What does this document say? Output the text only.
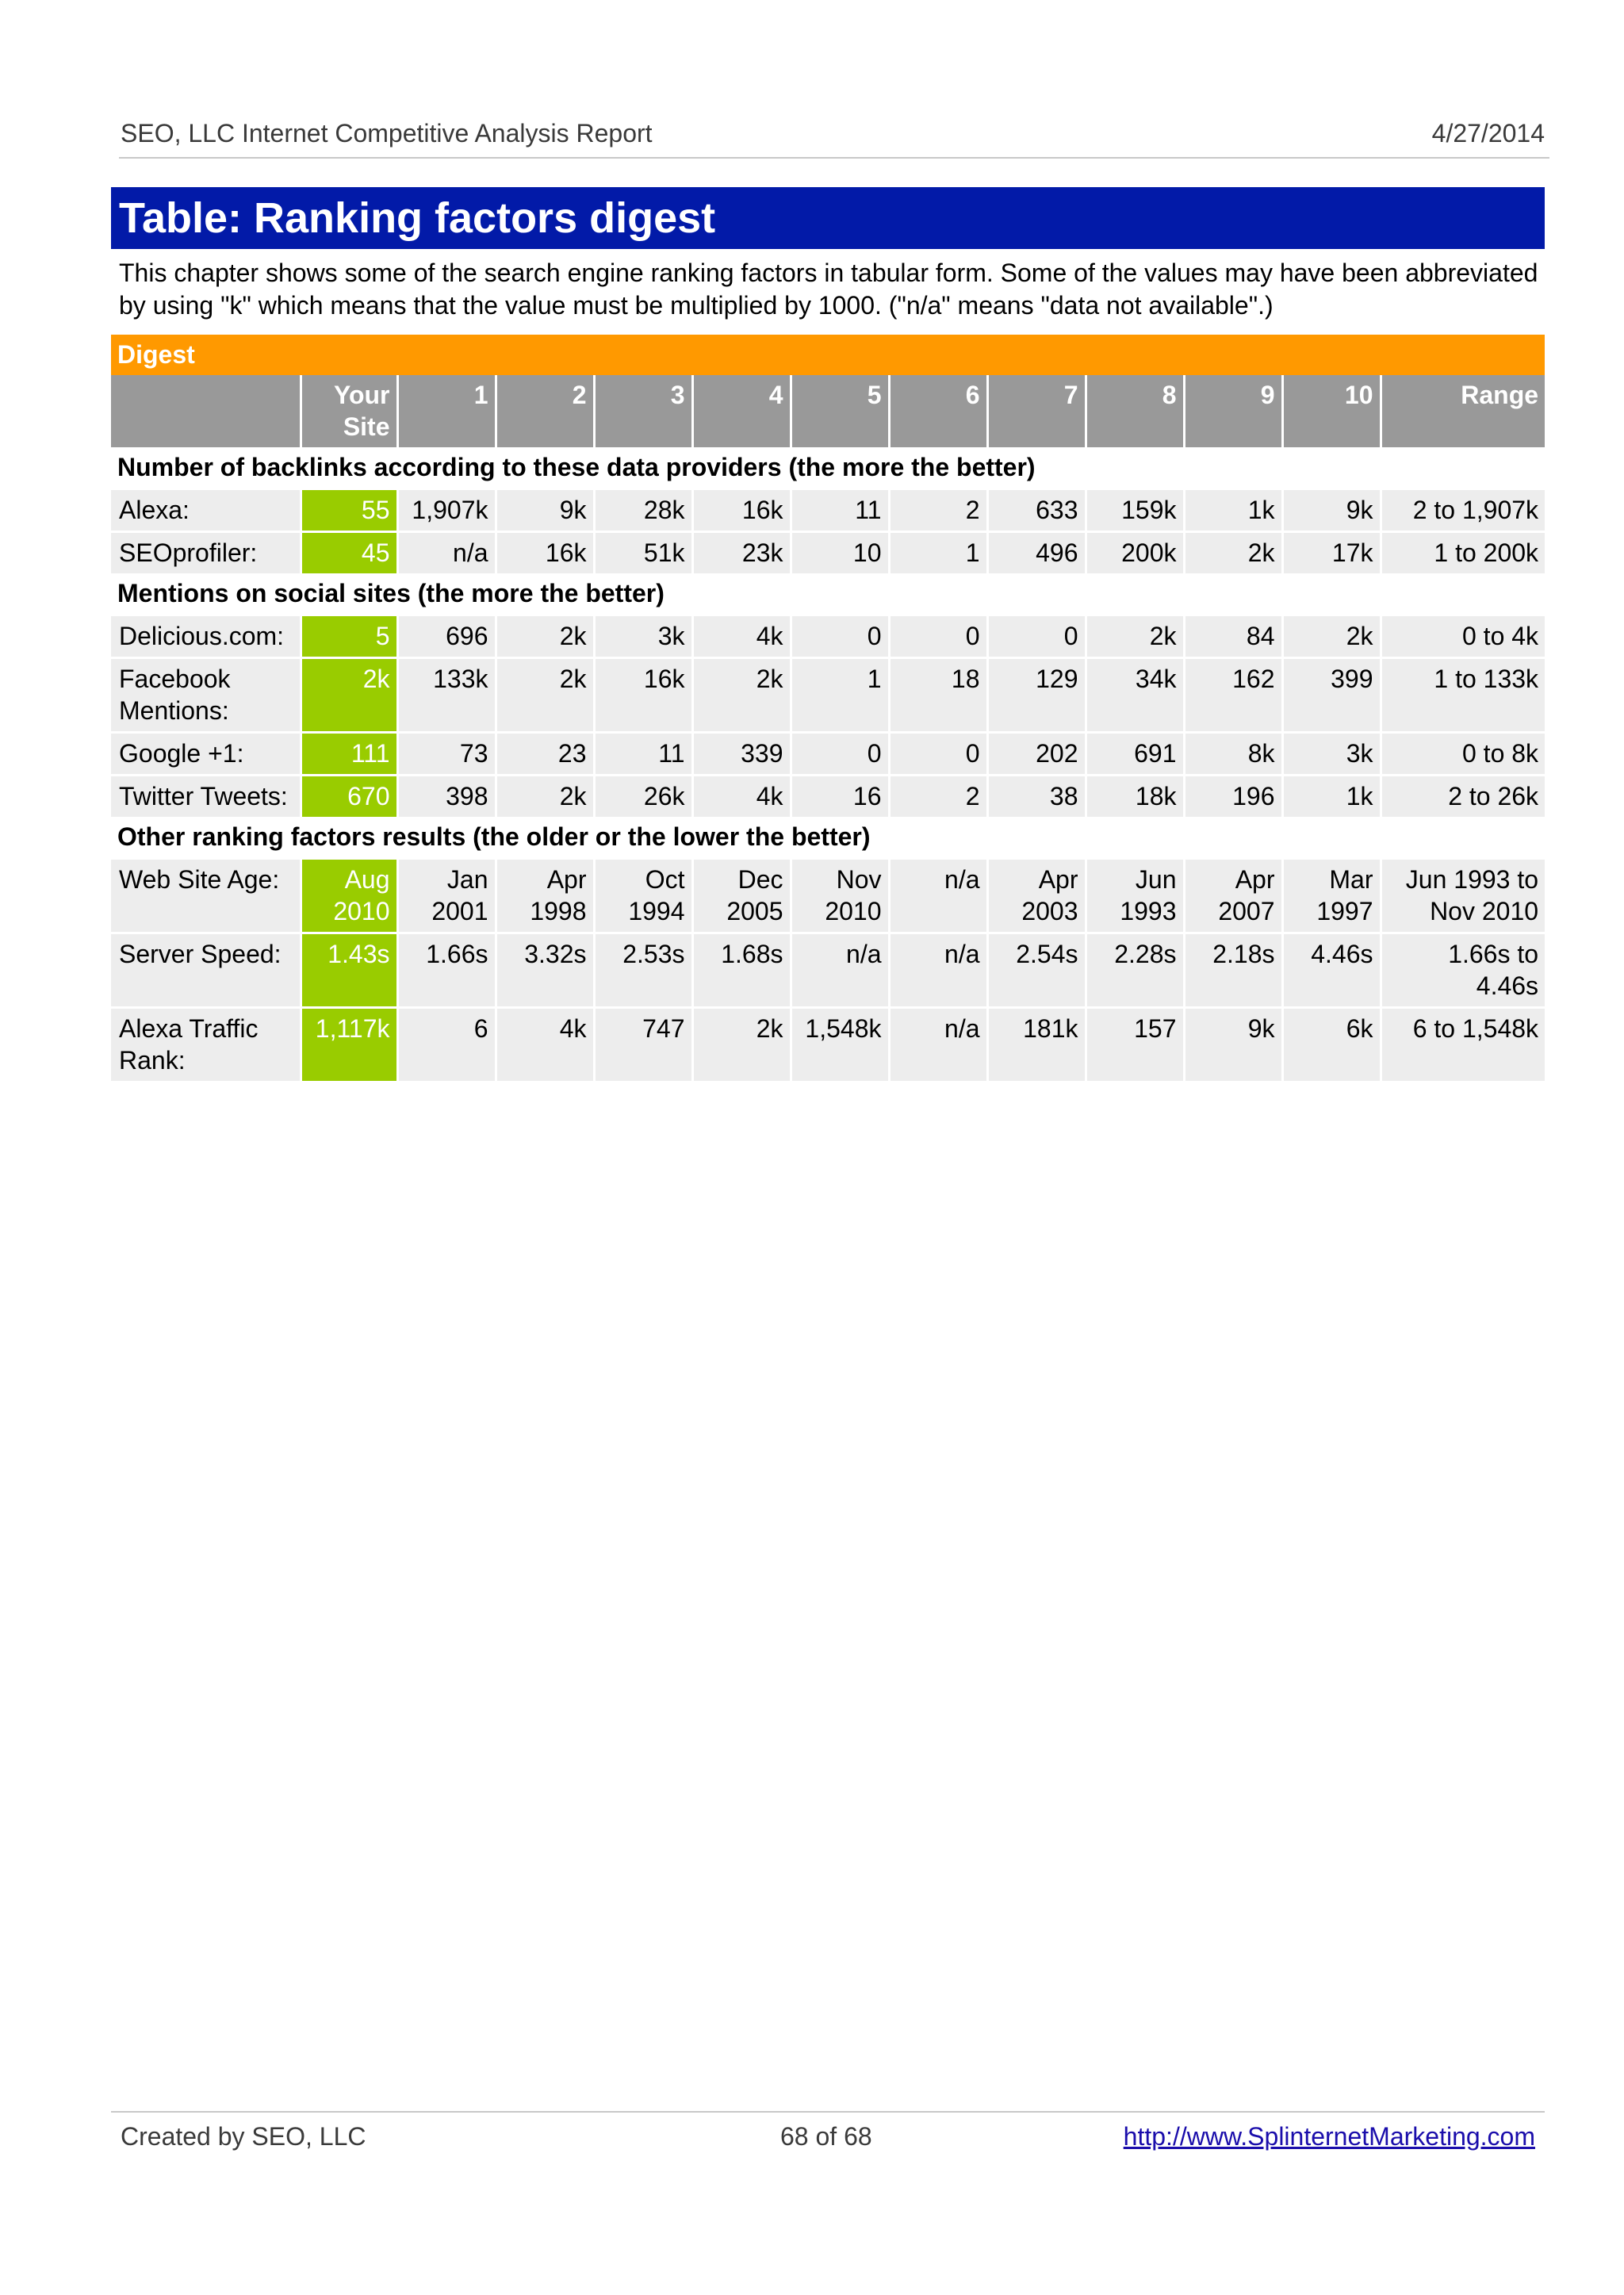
SEO, LLC Internet Competitive Analysis Report	4/27/2014
Table: Ranking factors digest
This chapter shows some of the search engine ranking factors in tabular form. Some of the values may have been abbreviated by using "k" which means that the value must be multiplied by 1000. ("n/a" means "data not available".)
Digest												
	Your Site	1	2	3	4	5	6	7	8	9	10	Range
Number of backlinks according to these data providers (the more the better)												
Alexa:	55	1,907k	9k	28k	16k	11	2	633	159k	1k	9k	2 to 1,907k
SEOprofiler:	45	n/a	16k	51k	23k	10	1	496	200k	2k	17k	1 to 200k
Mentions on social sites (the more the better)												
Delicious.com:	5	696	2k	3k	4k	0	0	0	2k	84	2k	0 to 4k
Facebook Mentions:	2k	133k	2k	16k	2k	1	18	129	34k	162	399	1 to 133k
Google +1:	111	73	23	11	339	0	0	202	691	8k	3k	0 to 8k
Twitter Tweets:	670	398	2k	26k	4k	16	2	38	18k	196	1k	2 to 26k
Other ranking factors results (the older or the lower the better)												
Web Site Age:	Aug 2010	Jan 2001	Apr 1998	Oct 1994	Dec 2005	Nov 2010	n/a	Apr 2003	Jun 1993	Apr 2007	Mar 1997	Jun 1993 to Nov 2010
Server Speed:	1.43s	1.66s	3.32s	2.53s	1.68s	n/a	n/a	2.54s	2.28s	2.18s	4.46s	1.66s to 4.46s
Alexa Traffic Rank:	1,117k	6	4k	747	2k	1,548k	n/a	181k	157	9k	6k	6 to 1,548k
Created by SEO, LLC	68 of 68	http://www.SplinternetMarketing.com
